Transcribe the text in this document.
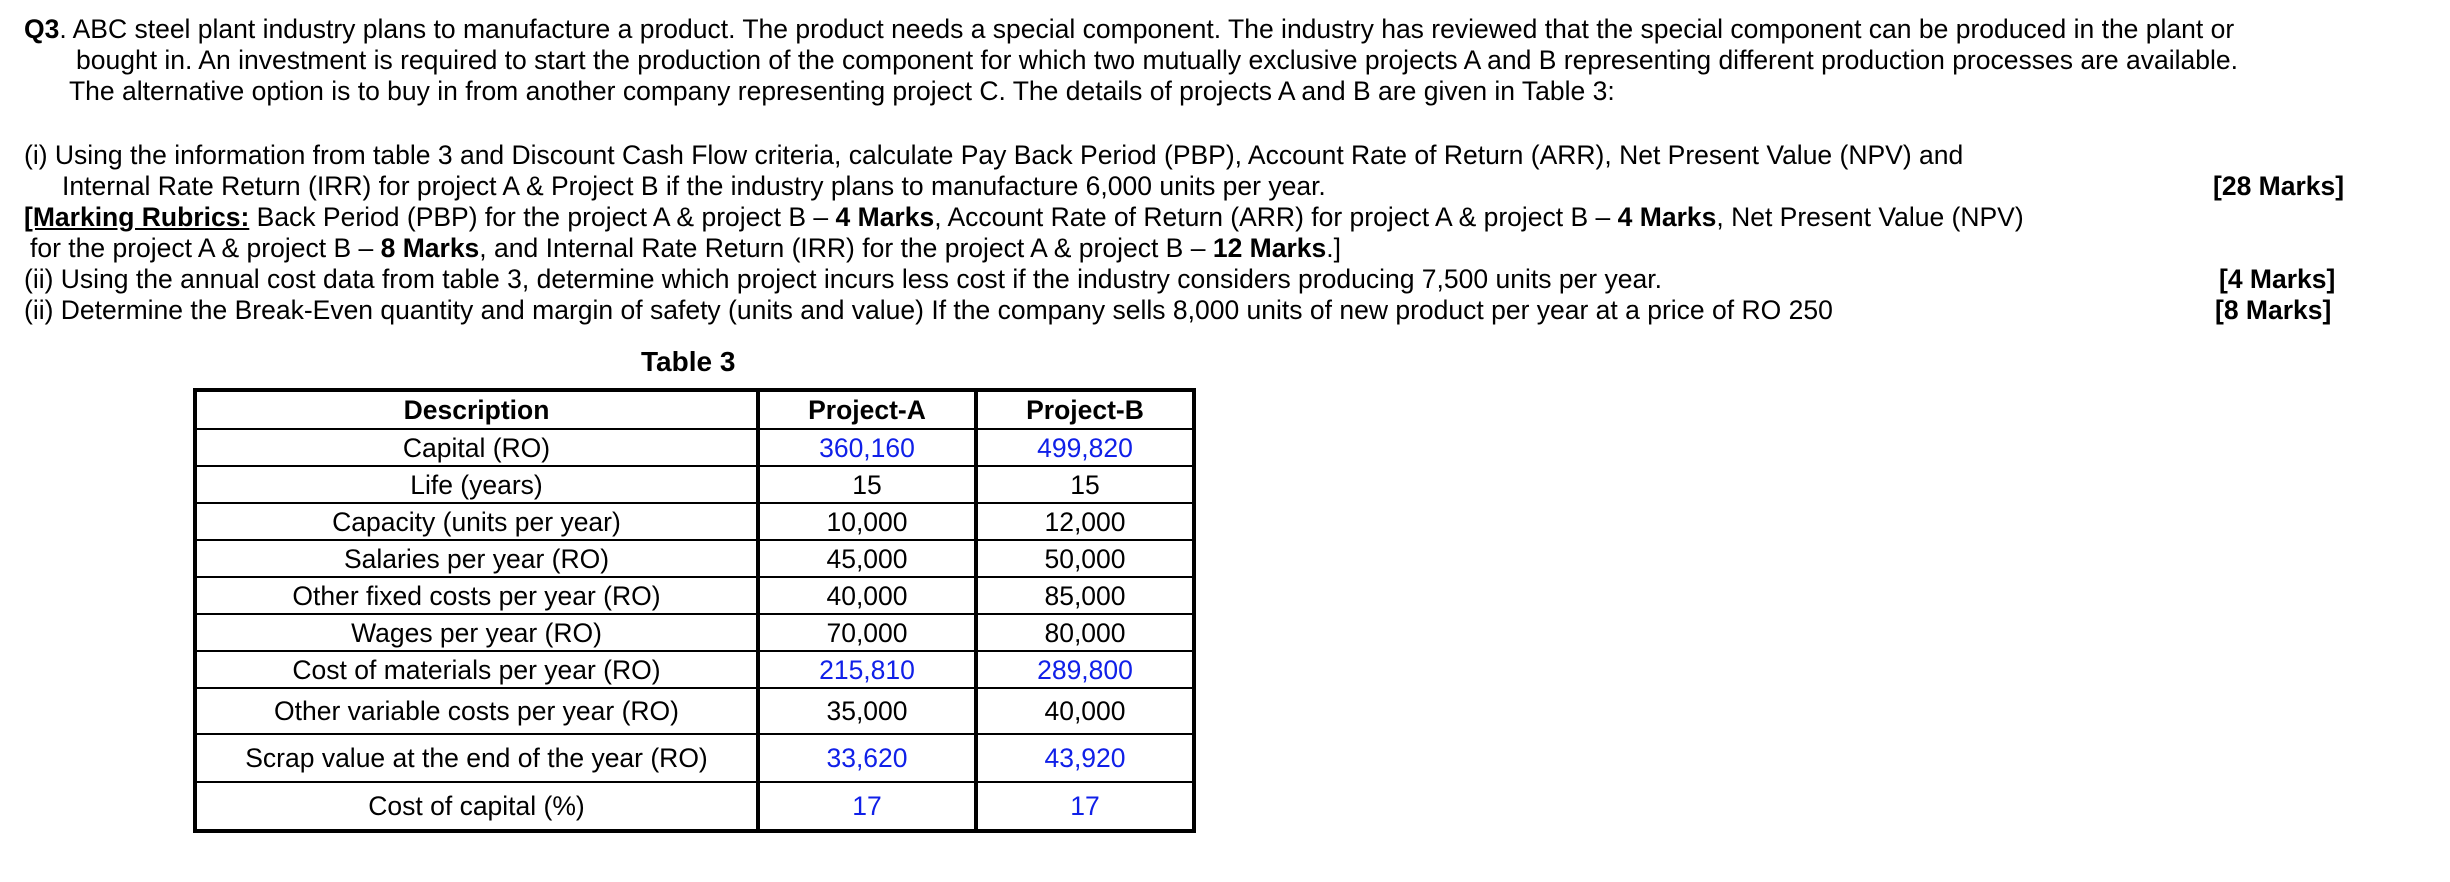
Q3. ABC steel plant industry plans to manufacture a product. The product needs a special component. The industry has reviewed that the special component can be produced in the plant or
bought in. An investment is required to start the production of the component for which two mutually exclusive projects A and B representing different production processes are available.
The alternative option is to buy in from another company representing project C. The details of projects A and B are given in Table 3:
(i) Using the information from table 3 and Discount Cash Flow criteria, calculate Pay Back Period (PBP), Account Rate of Return (ARR), Net Present Value (NPV) and
Internal Rate Return (IRR) for project A & Project B if the industry plans to manufacture 6,000 units per year.	[28 Marks]
[Marking Rubrics: Back Period (PBP) for the project A & project B – 4 Marks, Account Rate of Return (ARR) for project A & project B – 4 Marks, Net Present Value (NPV)
for the project A & project B – 8 Marks, and Internal Rate Return (IRR) for the project A & project B – 12 Marks.]
(ii) Using the annual cost data from table 3, determine which project incurs less cost if the industry considers producing 7,500 units per year.	[4 Marks]
(ii) Determine the Break-Even quantity and margin of safety (units and value) If the company sells 8,000 units of new product per year at a price of RO 250	[8 Marks]
Table 3
Description	Project-A	Project-B
Capital (RO)	360,160	499,820
Life (years)	15	15
Capacity (units per year)	10,000	12,000
Salaries per year (RO)	45,000	50,000
Other fixed costs per year (RO)	40,000	85,000
Wages per year (RO)	70,000	80,000
Cost of materials per year (RO)	215,810	289,800
Other variable costs per year (RO)	35,000	40,000
Scrap value at the end of the year (RO)	33,620	43,920
Cost of capital (%)	17	17
